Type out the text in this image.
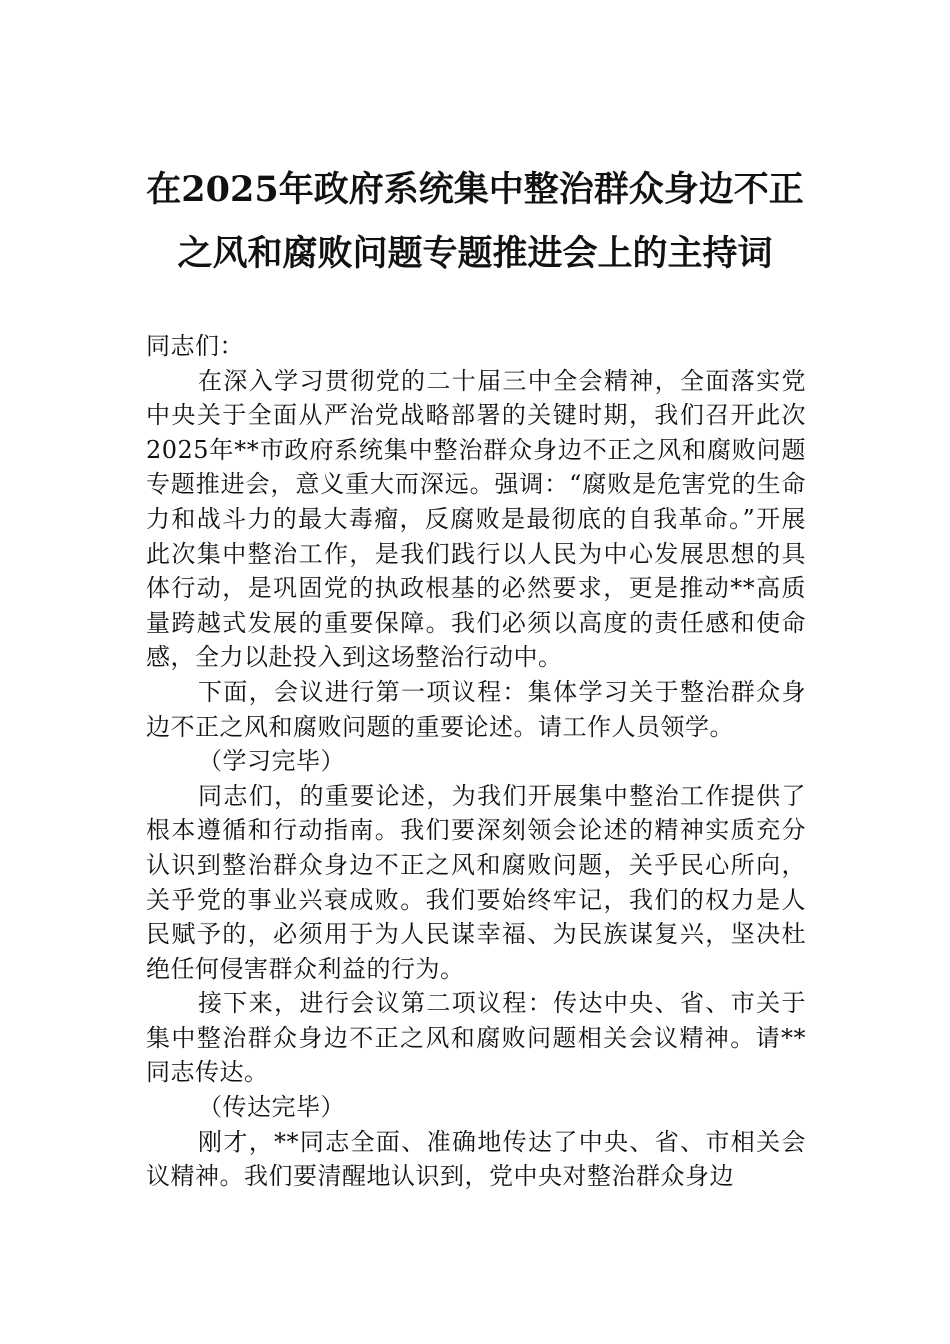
在2025年政府系统集中整治群众身边不正
之风和腐败问题专题推进会上的主持词

同志们：

在深入学习贯彻党的二十届三中全会精神，全面落实党中央关于全面从严治党战略部署的关键时期，我们召开此次2025年**市政府系统集中整治群众身边不正之风和腐败问题专题推进会，意义重大而深远。强调：“腐败是危害党的生命力和战斗力的最大毒瘤，反腐败是最彻底的自我革命。”开展此次集中整治工作，是我们践行以人民为中心发展思想的具体行动，是巩固党的执政根基的必然要求，更是推动**高质量跨越式发展的重要保障。我们必须以高度的责任感和使命感，全力以赴投入到这场整治行动中。

下面，会议进行第一项议程：集体学习关于整治群众身边不正之风和腐败问题的重要论述。请工作人员领学。

（学习完毕）

同志们，的重要论述，为我们开展集中整治工作提供了根本遵循和行动指南。我们要深刻领会论述的精神实质充分认识到整治群众身边不正之风和腐败问题，关乎民心所向，关乎党的事业兴衰成败。我们要始终牢记，我们的权力是人民赋予的，必须用于为人民谋幸福、为民族谋复兴，坚决杜绝任何侵害群众利益的行为。

接下来，进行会议第二项议程：传达中央、省、市关于集中整治群众身边不正之风和腐败问题相关会议精神。请**同志传达。

（传达完毕）

刚才，**同志全面、准确地传达了中央、省、市相关会议精神。我们要清醒地认识到，党中央对整治群众身边
